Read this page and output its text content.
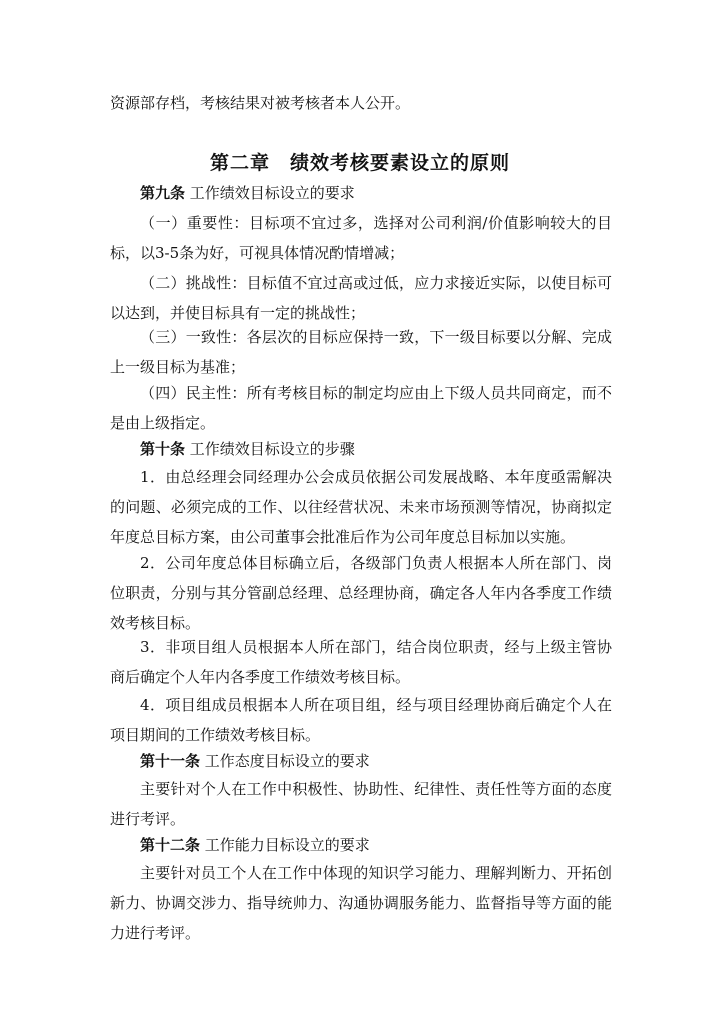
资源部存档，考核结果对被考核者本人公开。

第二章　绩效考核要素设立的原则

第九条 工作绩效目标设立的要求

（一）重要性：目标项不宜过多，选择对公司利润/价值影响较大的目标，以3-5条为好，可视具体情况酌情增减；

（二）挑战性：目标值不宜过高或过低，应力求接近实际，以使目标可以达到，并使目标具有一定的挑战性；

（三）一致性：各层次的目标应保持一致，下一级目标要以分解、完成上一级目标为基准；

（四）民主性：所有考核目标的制定均应由上下级人员共同商定，而不是由上级指定。

第十条 工作绩效目标设立的步骤

1．由总经理会同经理办公会成员依据公司发展战略、本年度亟需解决的问题、必须完成的工作、以往经营状况、未来市场预测等情况，协商拟定年度总目标方案，由公司董事会批准后作为公司年度总目标加以实施。

2．公司年度总体目标确立后，各级部门负责人根据本人所在部门、岗位职责，分别与其分管副总经理、总经理协商，确定各人年内各季度工作绩效考核目标。

3．非项目组人员根据本人所在部门，结合岗位职责，经与上级主管协商后确定个人年内各季度工作绩效考核目标。

4．项目组成员根据本人所在项目组，经与项目经理协商后确定个人在项目期间的工作绩效考核目标。

第十一条 工作态度目标设立的要求

主要针对个人在工作中积极性、协助性、纪律性、责任性等方面的态度进行考评。

第十二条 工作能力目标设立的要求

主要针对员工个人在工作中体现的知识学习能力、理解判断力、开拓创新力、协调交涉力、指导统帅力、沟通协调服务能力、监督指导等方面的能力进行考评。
